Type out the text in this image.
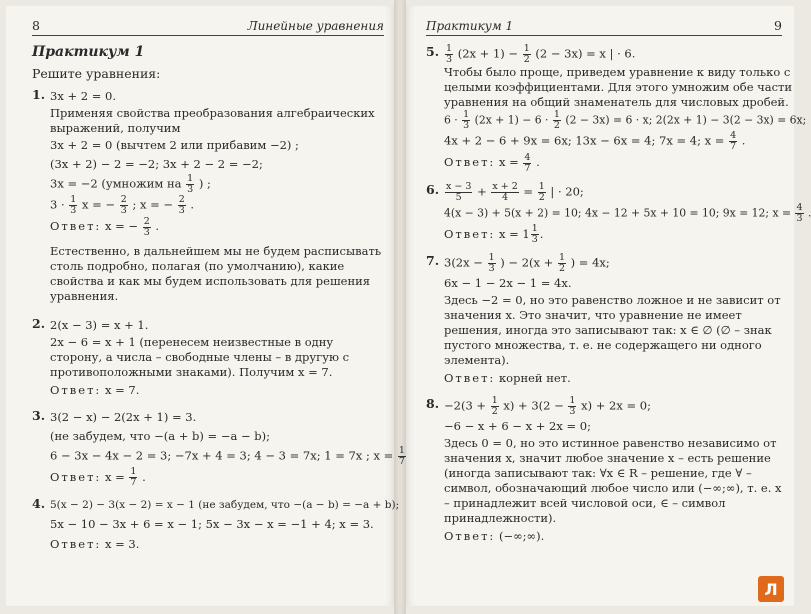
8	Линейные уравнения
Практикум 1
Решите уравнения:
1. 3x + 2 = 0.
Применяя свойства преобразования алгебраических выражений, получим
3x + 2 = 0 (вычтем 2 или прибавим −2) ;
(3x + 2) − 2 = −2; 3x + 2 − 2 = −2;
3x = −2 (умножим на $\frac{1}{3}$ ) ;
$3 \cdot \frac{1}{3}$ x = − $\frac{2}{3}$ ; x = − $\frac{2}{3}$ .
Ответ: x = − $\frac{2}{3}$ .
Естественно, в дальнейшем мы не будем расписывать столь подробно, полагая (по умолчанию), какие свойства и как мы будем использовать для решения уравнения.
2. 2(x − 3) = x + 1.
2x − 6 = x + 1 (перенесем неизвестные в одну сторону, а числа – свободные члены – в другую с противоположными знаками). Получим x = 7.
Ответ: x = 7.
3. 3(2 − x) − 2(2x + 1) = 3.
(не забудем, что −(a + b) = −a − b);
6 − 3x − 4x − 2 = 3; −7x + 4 = 3; 4 − 3 = 7x; 1 = 7x ; $x = \frac{1}{7}$
Ответ: $x = \frac{1}{7}$ .
4. 5(x − 2) − 3(x − 2) = x − 1 (не забудем, что −(a − b) = −a + b);
5x − 10 − 3x + 6 = x − 1; 5x − 3x − x = −1 + 4; x = 3.
Ответ: x = 3.
Практикум 1	9
5. $\frac{1}{3} (2x + 1) - \frac{1}{2} (2 - 3x) = x$ | · 6.
Чтобы было проще, приведем уравнение к виду только с целыми коэффициентами. Для этого умножим обе части уравнения на общий знаменатель для числовых дробей.
$6 \cdot \frac{1}{3} (2x + 1) - 6 \cdot \frac{1}{2} (2 - 3x) = 6 \cdot x$; 2(2x + 1) − 3(2 − 3x) = 6x;
4x + 2 − 6 + 9x = 6x; 13x − 6x = 4; 7x = 4; $x = \frac{4}{7}$ .
Ответ: $x = \frac{4}{7}$ .
6. $\frac{x - 3}{5} + \frac{x + 2}{4} = \frac{1}{2}$ | · 20;
4(x − 3) + 5(x + 2) = 10; 4x − 12 + 5x + 10 = 10; 9x = 12; $x = \frac{4}{3}$
Ответ: $x = 1 \frac{1}{3}$ .
7. $3(2x - \frac{1}{3}$ ) − $2(x + \frac{1}{2}$ ) = 4x;
6x − 1 − 2x − 1 = 4x.
Здесь −2 = 0, но это равенство ложное и не зависит от значения x. Это значит, что уравнение не имеет решения, иногда это записывают так: x ∈ ∅ (∅ – знак пустого множества, т. е. не содержащего ни одного элемента).
Ответ: корней нет.
8. $-2(3 + \frac{1}{2} x) + 3(2 - \frac{1}{3} x) + 2x = 0$;
−6 − x + 6 − x + 2x = 0;
Здесь 0 = 0, но это истинное равенство независимо от значения x, значит любое значение x – есть решение (иногда записывают так: ∀x ∈ R – решение, где ∀ – символ, обозначающий любое число или (−∞;∞), т. е. x – принадлежит всей числовой оси, ∈ – символ принадлежности).
Ответ: (−∞;∞).
Л
